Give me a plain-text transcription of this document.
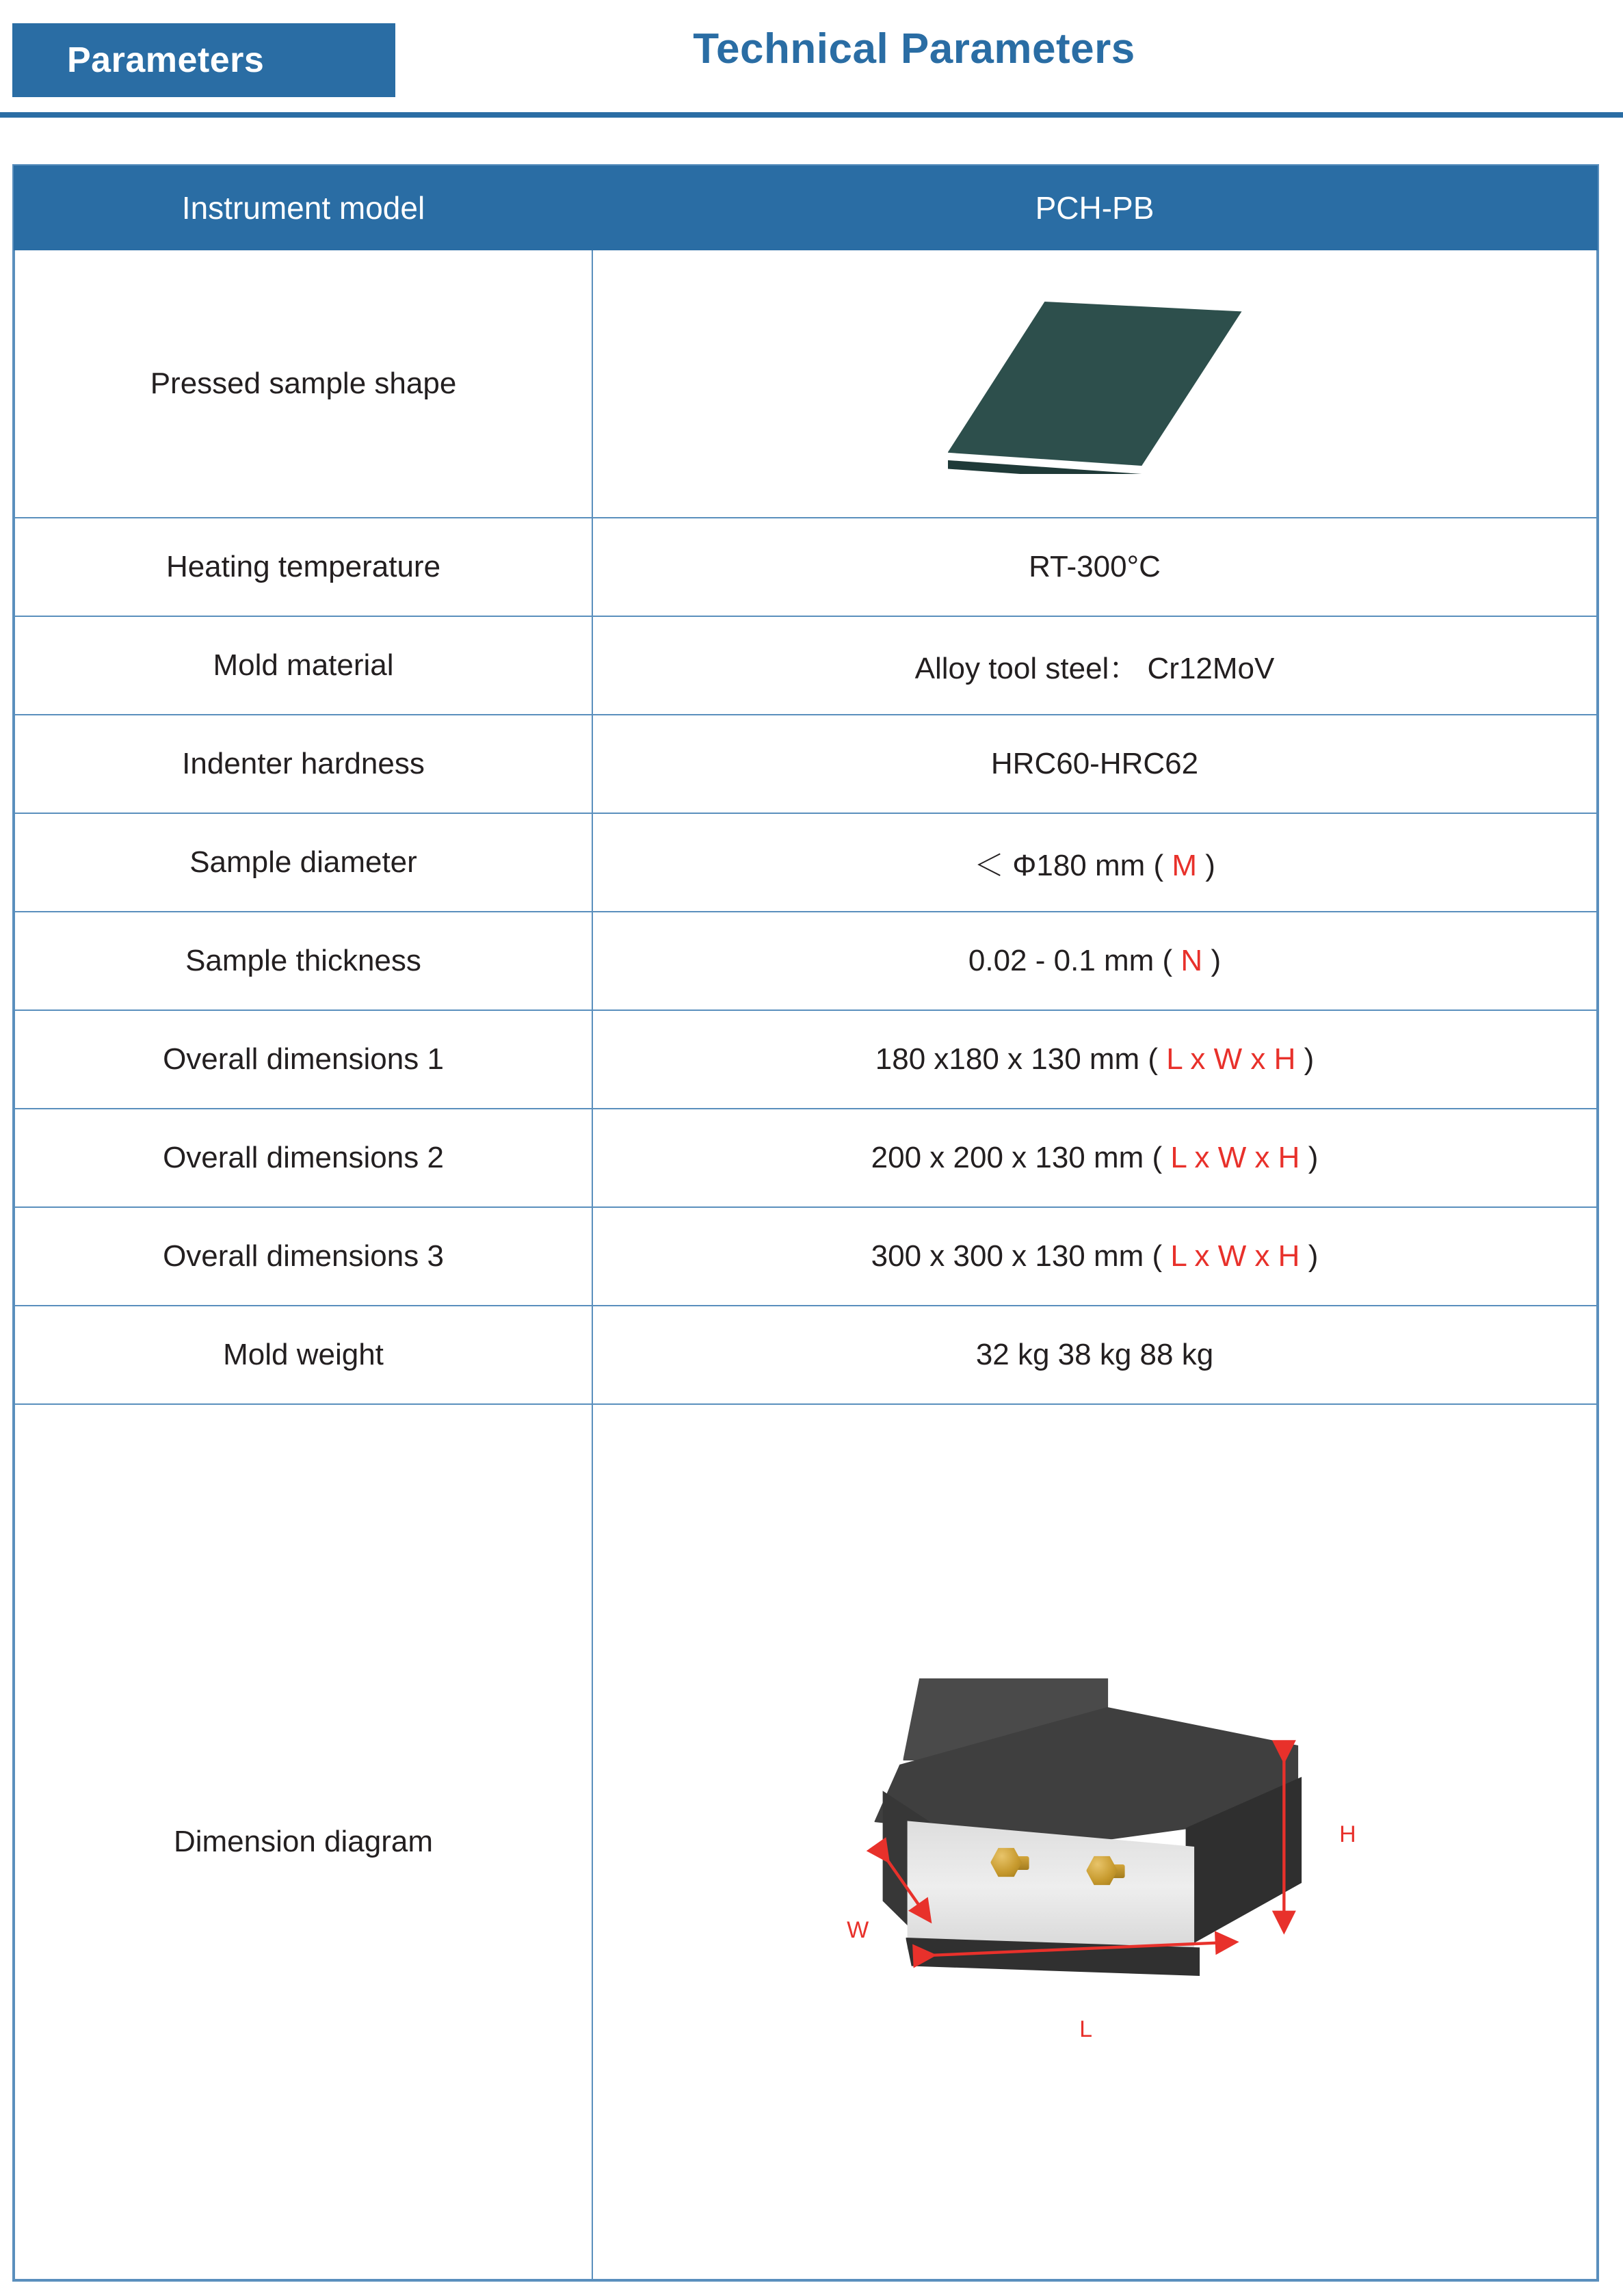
Parameters	Technical Parameters
Instrument model	PCH-PB
Pressed sample shape	

Heating temperature	RT-300°C
Mold material	Alloy tool steel： Cr12MoV
Indenter hardness	HRC60-HRC62
Sample diameter	＜ Φ180 mm ( M )
Sample thickness	0.02 - 0.1 mm ( N )
Overall dimensions 1	180 x180 x 130 mm ( L x W x H )
Overall dimensions 2	200 x 200 x 130 mm ( L x W x H )
Overall dimensions 3	300 x 300 x 130 mm ( L x W x H )
Mold weight	32 kg 38 kg 88 kg
Dimension diagram	H
W
L
